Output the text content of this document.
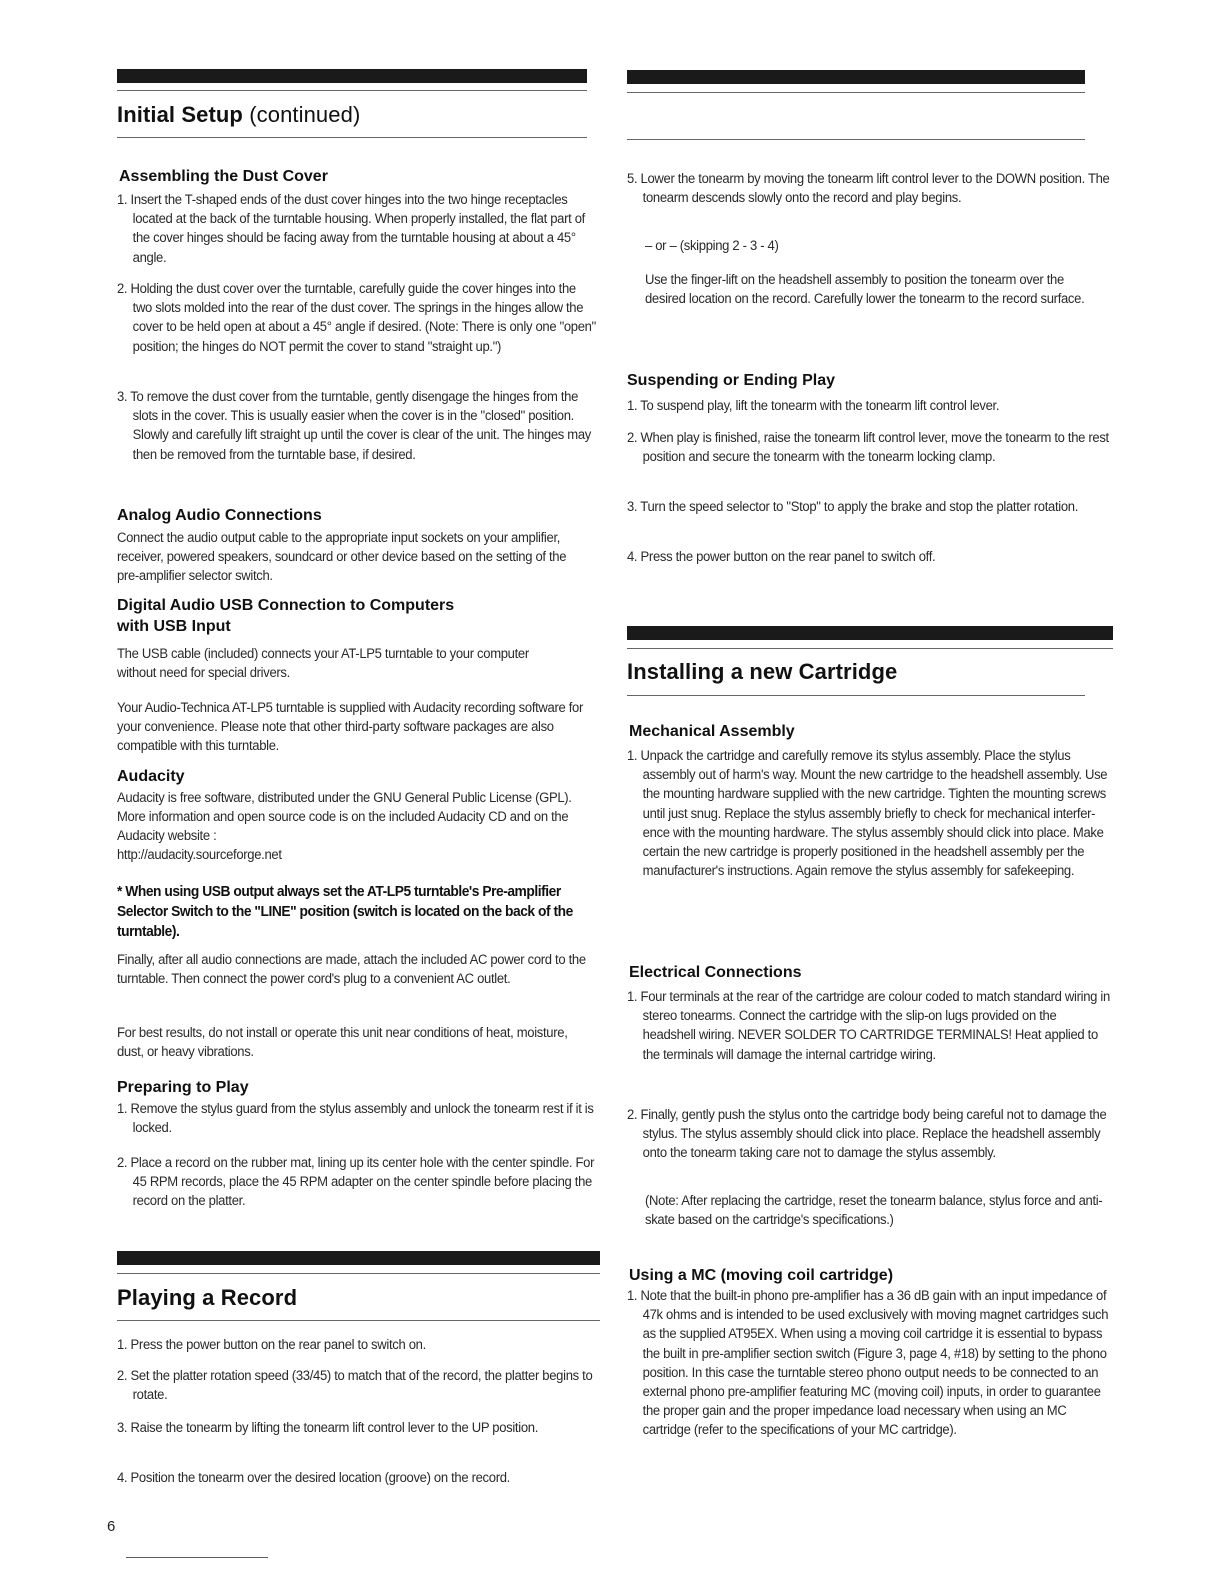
Initial Setup (continued)
Assembling the Dust Cover
1. Insert the T-shaped ends of the dust cover hinges into the two hinge receptacles located at the back of the turntable housing. When properly installed, the flat part of the cover hinges should be facing away from the turntable housing at about a 45° angle.
2. Holding the dust cover over the turntable, carefully guide the cover hinges into the two slots molded into the rear of the dust cover. The springs in the hinges allow the cover to be held open at about a 45° angle if desired. (Note: There is only one "open" position; the hinges do NOT permit the cover to stand "straight up.")
3. To remove the dust cover from the turntable, gently disengage the hinges from the slots in the cover. This is usually easier when the cover is in the "closed" position. Slowly and carefully lift straight up until the cover is clear of the unit. The hinges may then be removed from the turntable base, if desired.
Analog Audio Connections
Connect the audio output cable to the appropriate input sockets on your amplifier, receiver, powered speakers, soundcard or other device based on the setting of the pre-amplifier selector switch.
Digital Audio USB Connection to Computers
with USB Input
The USB cable (included) connects your AT-LP5 turntable to your computer without need for special drivers.
Your Audio-Technica AT-LP5 turntable is supplied with Audacity recording software for your convenience. Please note that other third-party software packages are also compatible with this turntable.
Audacity
Audacity is free software, distributed under the GNU General Public License (GPL). More information and open source code is on the included Audacity CD and on the Audacity website :
http://audacity.sourceforge.net
* When using USB output always set the AT-LP5 turntable's Pre-amplifier Selector Switch to the "LINE" position (switch is located on the back of the turntable).
Finally, after all audio connections are made, attach the included AC power cord to the turntable. Then connect the power cord's plug to a convenient AC outlet.
For best results, do not install or operate this unit near conditions of heat, moisture, dust, or heavy vibrations.
Preparing to Play
1. Remove the stylus guard from the stylus assembly and unlock the tonearm rest if it is locked.
2. Place a record on the rubber mat, lining up its center hole with the center spindle. For 45 RPM records, place the 45 RPM adapter on the center spindle before placing the record on the platter.
Playing a Record
1. Press the power button on the rear panel to switch on.
2. Set the platter rotation speed (33/45) to match that of the record, the platter begins to rotate.
3. Raise the tonearm by lifting the tonearm lift control lever to the UP position.
4. Position the tonearm over the desired location (groove) on the record.
6
5. Lower the tonearm by moving the tonearm lift control lever to the DOWN position. The tonearm descends slowly onto the record and play begins.
– or – (skipping 2 - 3 - 4)
Use the finger-lift on the headshell assembly to position the tonearm over the desired location on the record. Carefully lower the tonearm to the record surface.
Suspending or Ending Play
1. To suspend play, lift the tonearm with the tonearm lift control lever.
2. When play is finished, raise the tonearm lift control lever, move the tonearm to the rest position and secure the tonearm with the tonearm locking clamp.
3. Turn the speed selector to "Stop" to apply the brake and stop the platter rotation.
4. Press the power button on the rear panel to switch off.
Installing a new Cartridge
Mechanical Assembly
1. Unpack the cartridge and carefully remove its stylus assembly. Place the stylus assembly out of harm's way. Mount the new cartridge to the headshell assembly. Use the mounting hardware supplied with the new cartridge. Tighten the mounting screws until just snug. Replace the stylus assembly briefly to check for mechanical interfer-ence with the mounting hardware. The stylus assembly should click into place. Make certain the new cartridge is properly positioned in the headshell assembly per the manufacturer's instructions. Again remove the stylus assembly for safekeeping.
Electrical Connections
1. Four terminals at the rear of the cartridge are colour coded to match standard wiring in stereo tonearms. Connect the cartridge with the slip-on lugs provided on the headshell wiring. NEVER SOLDER TO CARTRIDGE TERMINALS! Heat applied to the terminals will damage the internal cartridge wiring.
2. Finally, gently push the stylus onto the cartridge body being careful not to damage the stylus. The stylus assembly should click into place. Replace the headshell assembly onto the tonearm taking care not to damage the stylus assembly.
(Note: After replacing the cartridge, reset the tonearm balance, stylus force and anti-skate based on the cartridge's specifications.)
Using a MC (moving coil cartridge)
1. Note that the built-in phono pre-amplifier has a 36 dB gain with an input impedance of 47k ohms and is intended to be used exclusively with moving magnet cartridges such as the supplied AT95EX. When using a moving coil cartridge it is essential to bypass the built in pre-amplifier section switch (Figure 3, page 4, #18) by setting to the phono position. In this case the turntable stereo phono output needs to be connected to an external phono pre-amplifier featuring MC (moving coil) inputs, in order to guarantee the proper gain and the proper impedance load necessary when using an MC cartridge (refer to the specifications of your MC cartridge).
